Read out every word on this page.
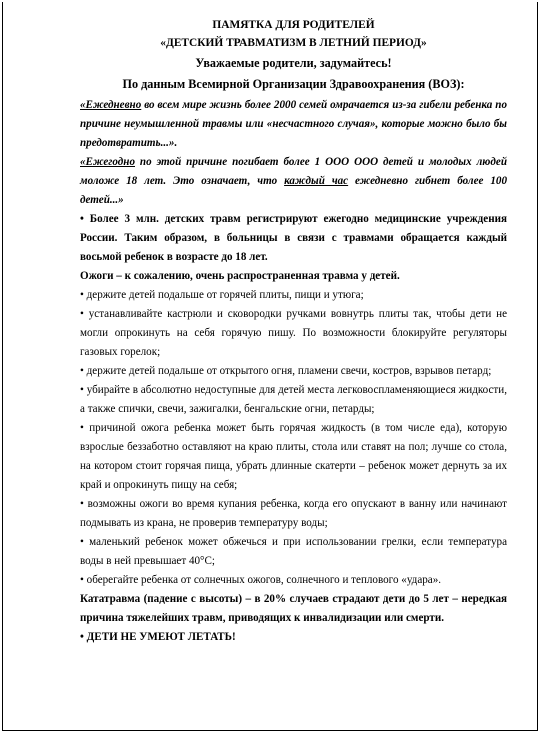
ПАМЯТКА ДЛЯ РОДИТЕЛЕЙ

«ДЕТСКИЙ ТРАВМАТИЗМ В ЛЕТНИЙ ПЕРИОД»

Уважаемые родители, задумайтесь!

По данным Всемирной Организации Здравоохранения (ВОЗ):

«Ежедневно во всем мире жизнь более 2000 семей омрачается из-за гибели ребенка по причине неумышленной травмы или «несчастного случая», которые можно было бы предотвратить...».

«Ежегодно по этой причине погибает более 1 ООО ООО детей и молодых людей моложе 18 лет. Это означает, что каждый час ежедневно гибнет более 100 детей...»

• Более 3 млн. детских травм регистрируют ежегодно медицинские учреждения России. Таким образом, в больницы в связи с травмами обращается каждый восьмой ребенок в возрасте до 18 лет.

Ожоги – к сожалению, очень распространенная травма у детей.

• держите детей подальше от горячей плиты, пищи и утюга;

• устанавливайте кастрюли и сковородки ручками вовнутрь плиты так, чтобы дети не могли опрокинуть на себя горячую пишу. По возможности блокируйте регуляторы газовых горелок;

• держите детей подальше от открытого огня, пламени свечи, костров, взрывов петард;

• убирайте в абсолютно недоступные для детей места легковоспламеняющиеся жидкости, а также спички, свечи, зажигалки, бенгальские огни, петарды;

• причиной ожога ребенка может быть горячая жидкость (в том числе еда), которую взрослые беззаботно оставляют на краю плиты, стола или ставят на пол; лучше со стола, на котором стоит горячая пища, убрать длинные скатерти – ребенок может дернуть за их край и опрокинуть пищу на себя;

• возможны ожоги во время купания ребенка, когда его опускают в ванну или начинают подмывать из крана, не проверив температуру воды;

• маленький ребенок может обжечься и при использовании грелки, если температура воды в ней превышает 40°С;

• оберегайте ребенка от солнечных ожогов, солнечного и теплового «удара».

Кататравма (падение с высоты) – в 20% случаев страдают дети до 5 лет – нередкая причина тяжелейших травм, приводящих к инвалидизации или смерти.

• ДЕТИ НЕ УМЕЮТ ЛЕТАТЬ!
